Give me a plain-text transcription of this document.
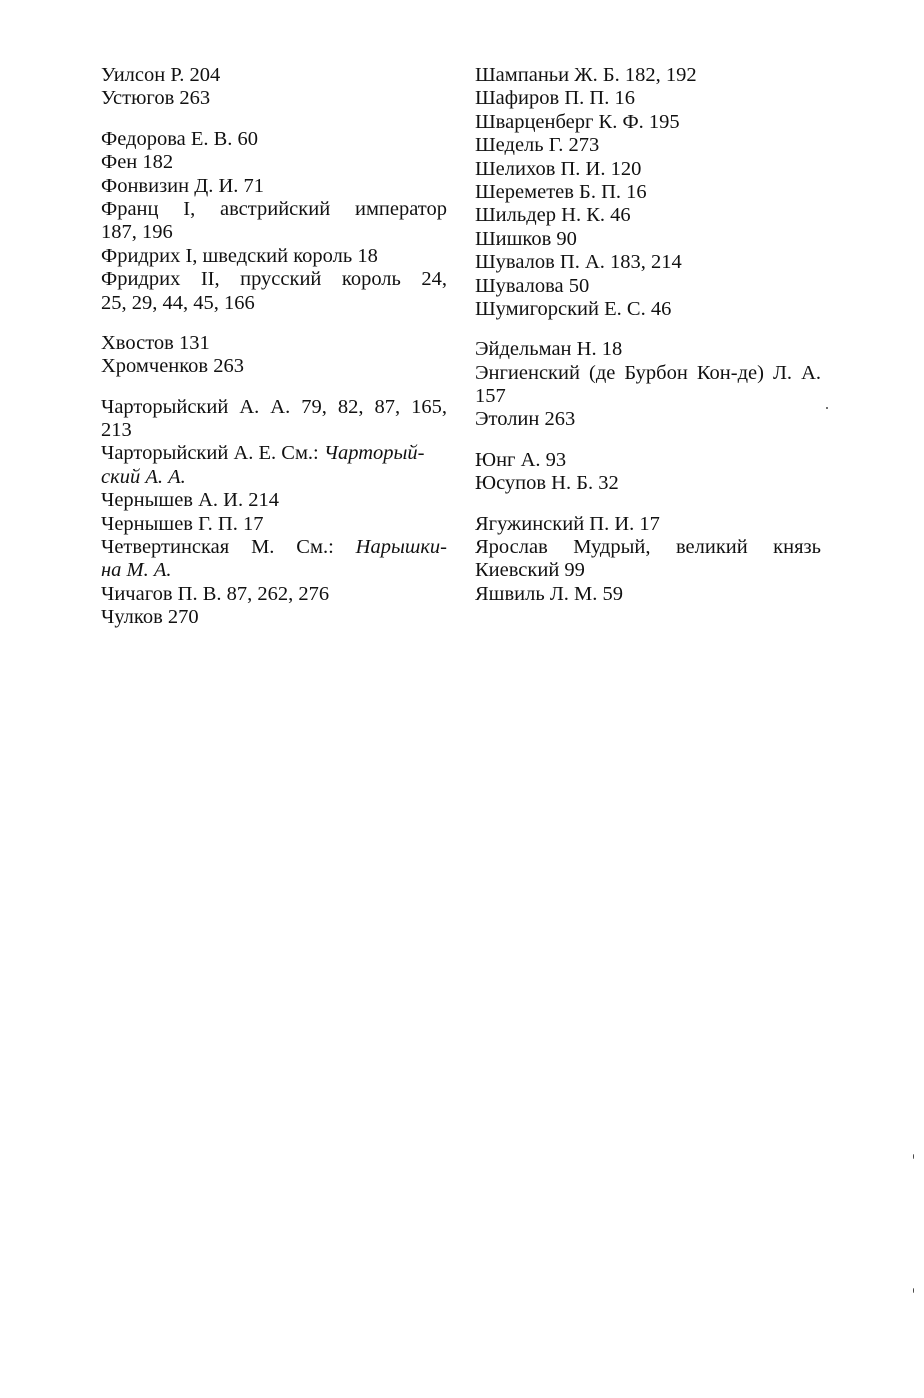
Уилсон Р. 204
Устюгов 263
Федорова Е. В. 60
Фен 182
Фонвизин Д. И. 71
Франц I, австрийский император
187, 196
Фридрих I, шведский король 18
Фридрих II, прусский король 24,
25, 29, 44, 45, 166
Хвостов 131
Хромченков 263
Чарторыйский А. А. 79, 82, 87, 165,
213
Чарторыйский А. Е. См.: Чарторый-
ский А. А.
Чернышев А. И. 214
Чернышев Г. П. 17
Четвертинская М. См.: Нарышки-
на М. А.
Чичагов П. В. 87, 262, 276
Чулков 270
Шампаньи Ж. Б. 182, 192
Шафиров П. П. 16
Шварценберг К. Ф. 195
Шедель Г. 273
Шелихов П. И. 120
Шереметев Б. П. 16
Шильдер Н. К. 46
Шишков 90
Шувалов П. А. 183, 214
Шувалова 50
Шумигорский Е. С. 46
Эйдельман Н. 18
Энгиенский (де Бурбон Кон-де) Л. А.
157
Этолин 263
Юнг А. 93
Юсупов Н. Б. 32
Ягужинский П. И. 17
Ярослав Мудрый, великий князь
Киевский 99
Яшвиль Л. М. 59
